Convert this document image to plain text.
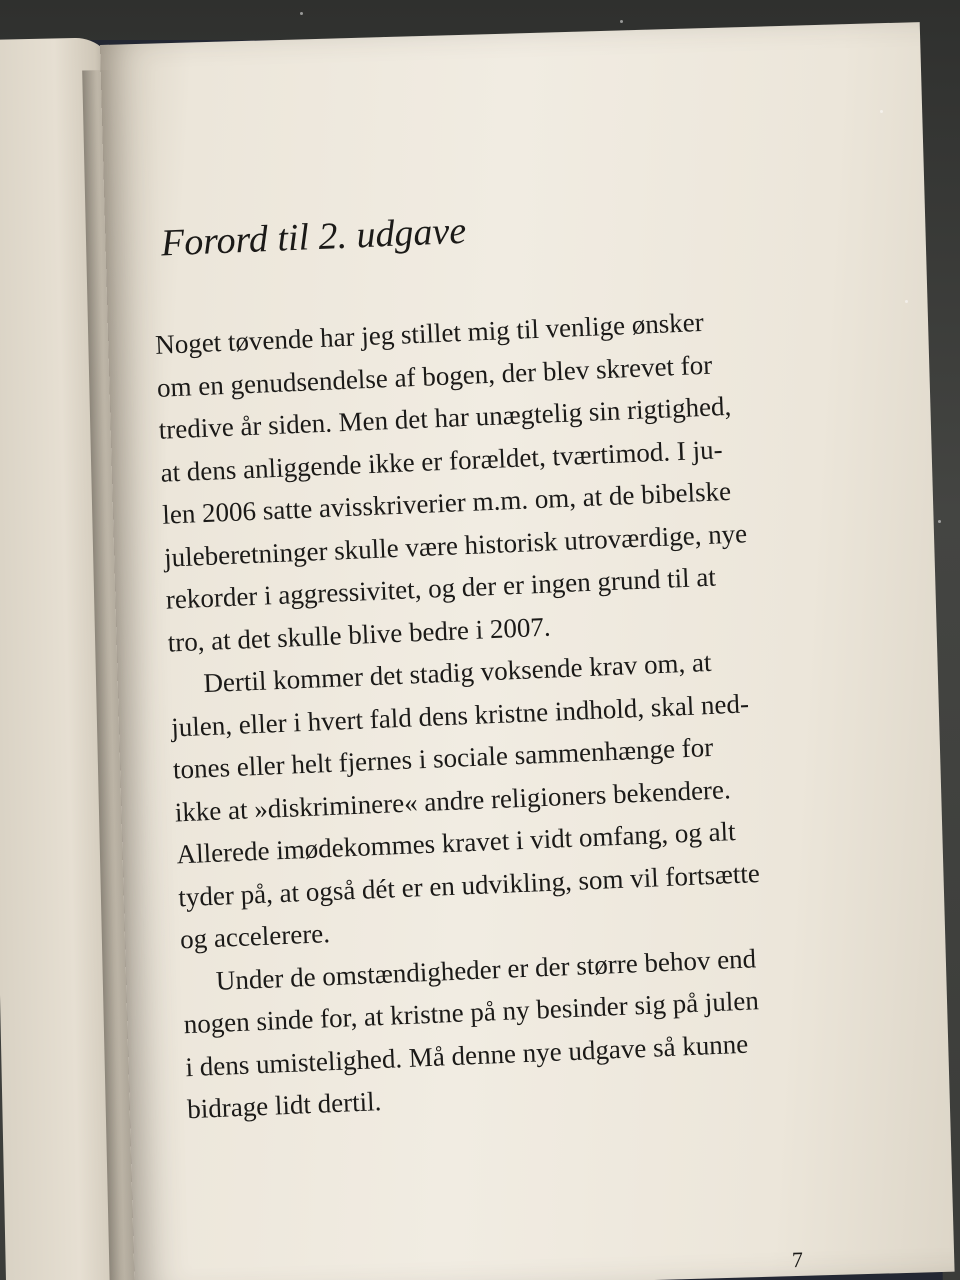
Forord til 2. udgave

Noget tøvende har jeg stillet mig til venlige ønsker
om en genudsendelse af bogen, der blev skrevet for
tredive år siden. Men det har unægtelig sin rigtighed,
at dens anliggende ikke er forældet, tværtimod. I ju-
len 2006 satte avisskriverier m.m. om, at de bibelske
juleberetninger skulle være historisk utroværdige, nye
rekorder i aggressivitet, og der er ingen grund til at
tro, at det skulle blive bedre i 2007.

Dertil kommer det stadig voksende krav om, at
julen, eller i hvert fald dens kristne indhold, skal ned-
tones eller helt fjernes i sociale sammenhænge for
ikke at »diskriminere« andre religioners bekendere.
Allerede imødekommes kravet i vidt omfang, og alt
tyder på, at også dét er en udvikling, som vil fortsætte
og accelerere.

Under de omstændigheder er der større behov end
nogen sinde for, at kristne på ny besinder sig på julen
i dens umistelighed. Må denne nye udgave så kunne
bidrage lidt dertil.

7
